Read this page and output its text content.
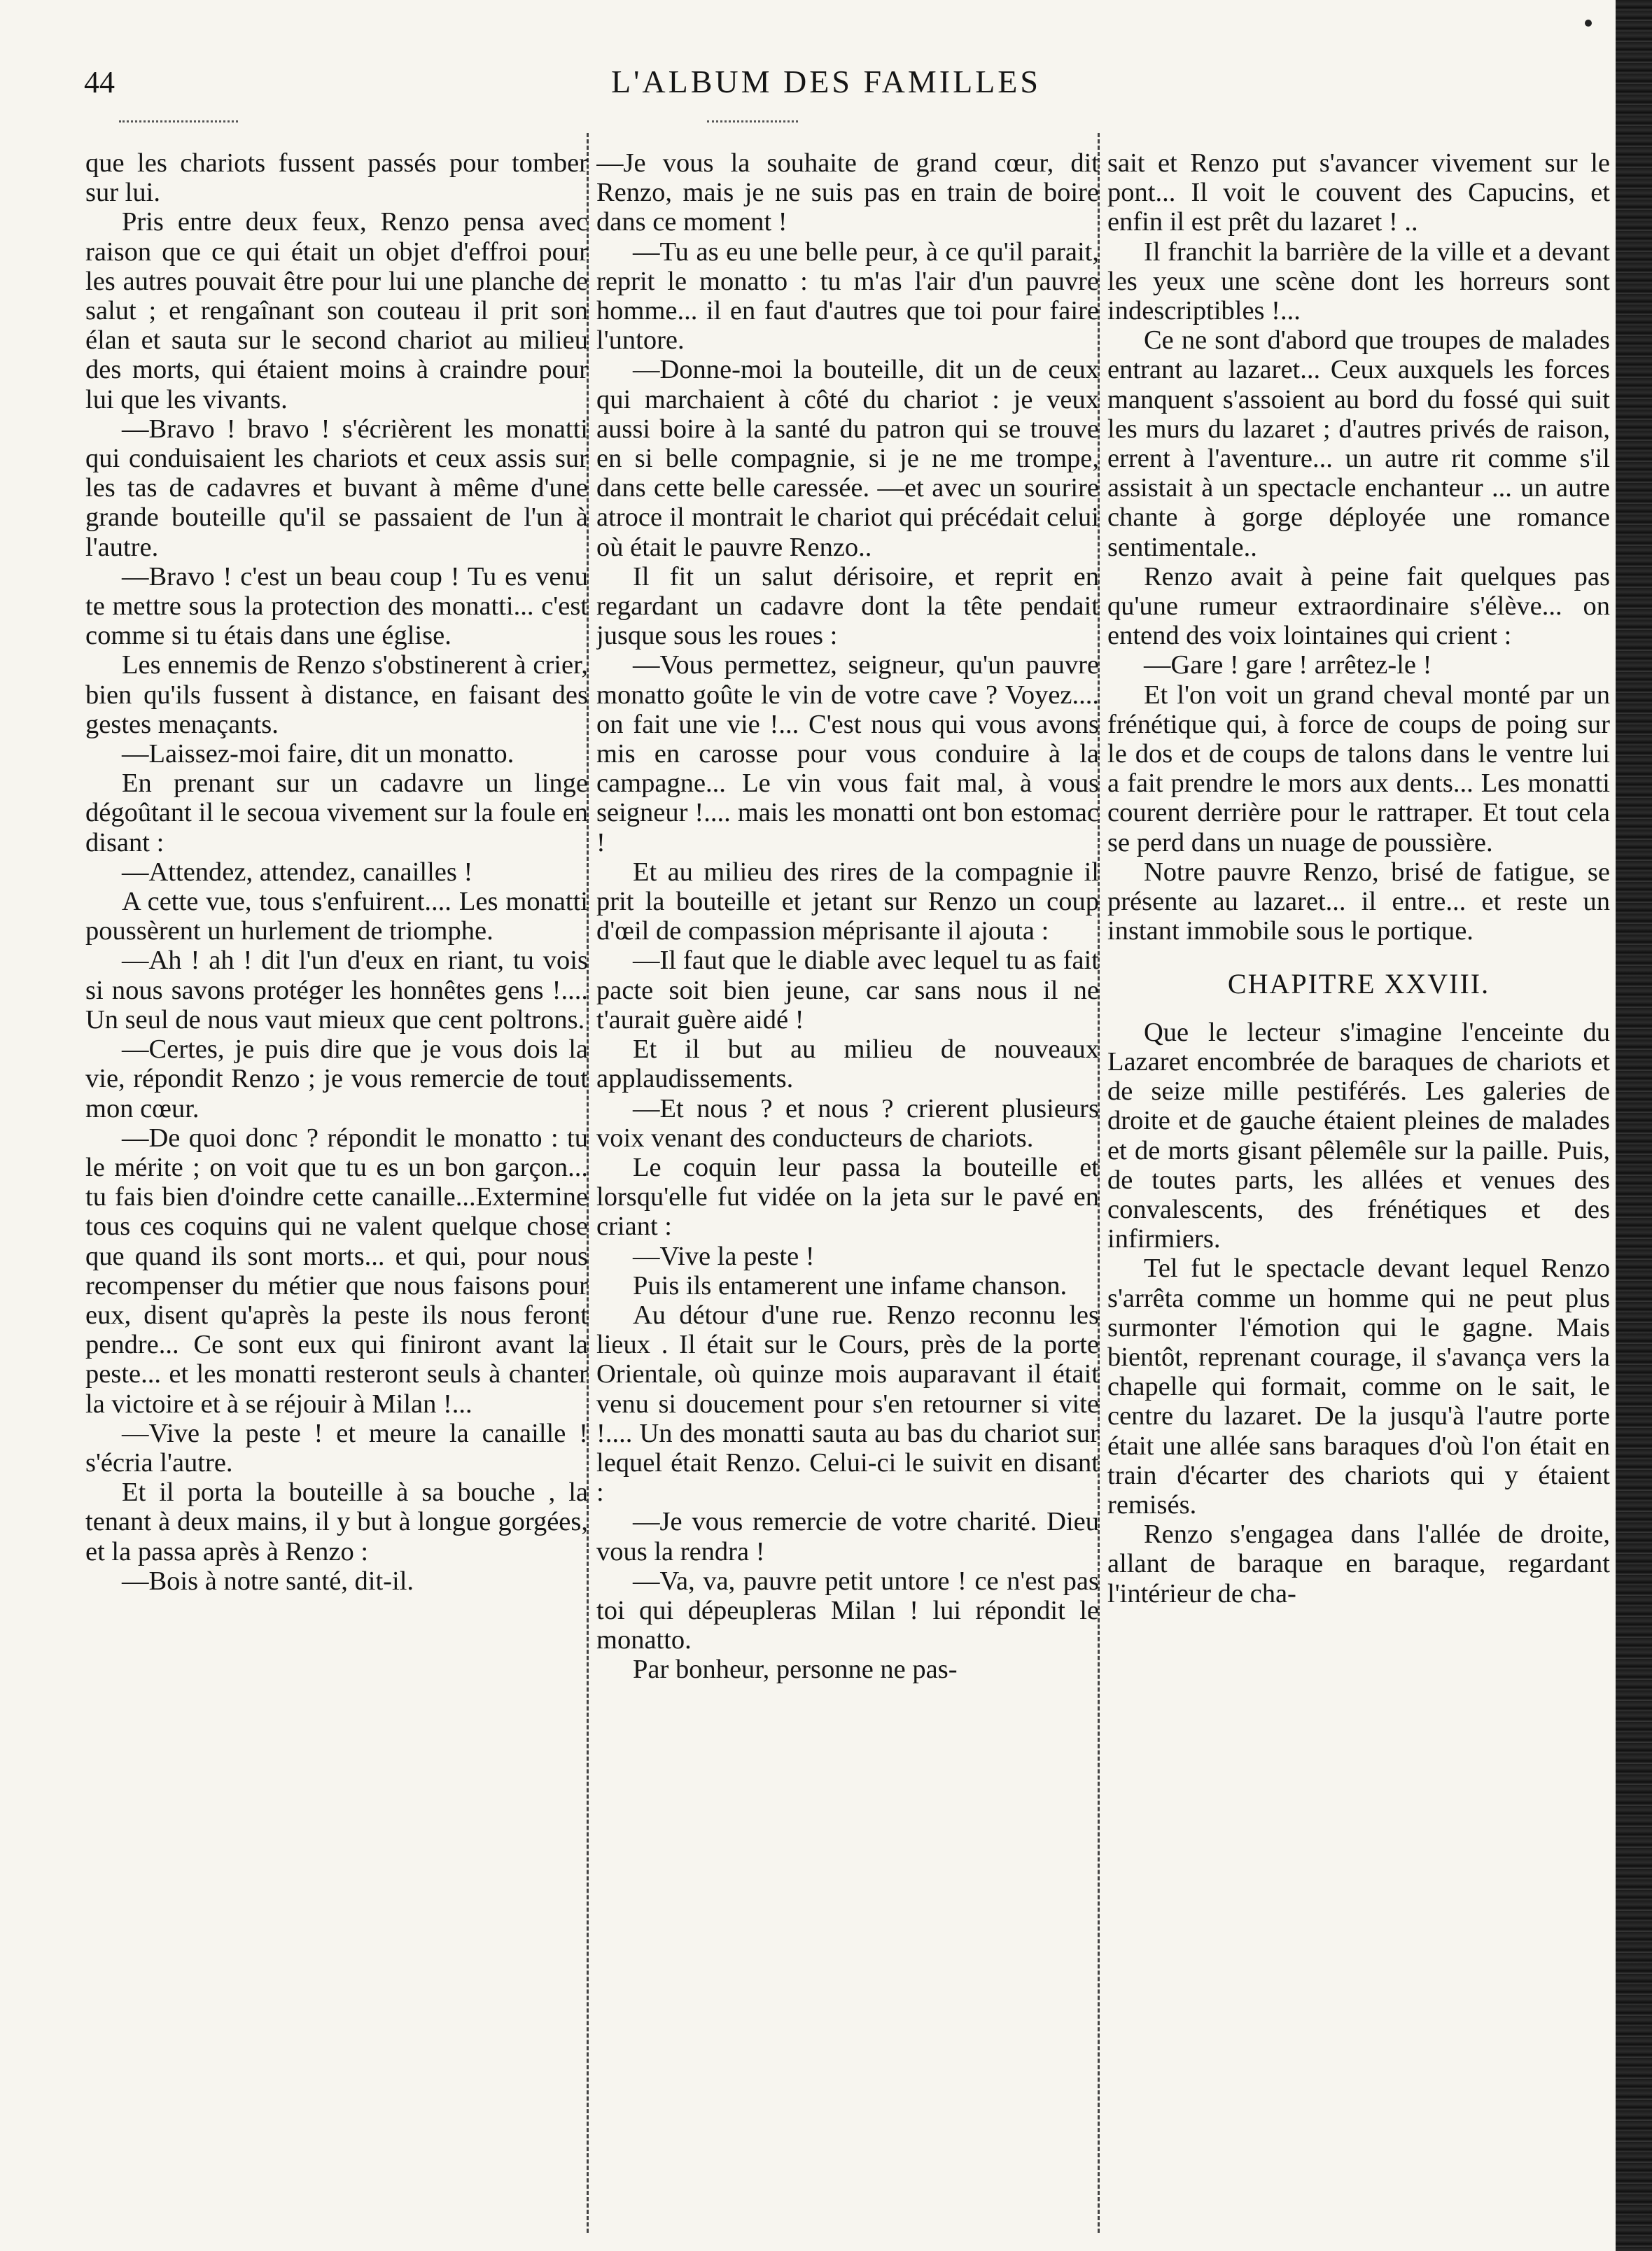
44	L'ALBUM DES FAMILLES

que les chariots fussent passés pour tomber sur lui.

Pris entre deux feux, Renzo pensa avec raison que ce qui était un objet d'effroi pour les autres pouvait être pour lui une planche de salut ; et rengaînant son couteau il prit son élan et sauta sur le second chariot au milieu des morts, qui étaient moins à craindre pour lui que les vivants.

—Bravo ! bravo ! s'écrièrent les monatti qui conduisaient les chariots et ceux assis sur les tas de cadavres et buvant à même d'une grande bouteille qu'il se passaient de l'un à l'autre.

—Bravo ! c'est un beau coup ! Tu es venu te mettre sous la protection des monatti... c'est comme si tu étais dans une église.

Les ennemis de Renzo s'obstinerent à crier, bien qu'ils fussent à distance, en faisant des gestes menaçants.

—Laissez-moi faire, dit un monatto.

En prenant sur un cadavre un linge dégoûtant il le secoua vivement sur la foule en disant :

—Attendez, attendez, canailles !

A cette vue, tous s'enfuirent.... Les monatti poussèrent un hurlement de triomphe.

—Ah ! ah ! dit l'un d'eux en riant, tu vois si nous savons protéger les honnêtes gens !.... Un seul de nous vaut mieux que cent poltrons.

—Certes, je puis dire que je vous dois la vie, répondit Renzo ; je vous remercie de tout mon cœur.

—De quoi donc ? répondit le monatto : tu le mérite ; on voit que tu es un bon garçon... tu fais bien d'oindre cette canaille...Extermine tous ces coquins qui ne valent quelque chose que quand ils sont morts... et qui, pour nous recompenser du métier que nous faisons pour eux, disent qu'après la peste ils nous feront pendre... Ce sont eux qui finiront avant la peste... et les monatti resteront seuls à chanter la victoire et à se réjouir à Milan !...

—Vive la peste ! et meure la canaille ! s'écria l'autre.

Et il porta la bouteille à sa bouche , la tenant à deux mains, il y but à longue gorgées, et la passa après à Renzo :

—Bois à notre santé, dit-il.

—Je vous la souhaite de grand cœur, dit Renzo, mais je ne suis pas en train de boire dans ce moment !

—Tu as eu une belle peur, à ce qu'il parait, reprit le monatto : tu m'as l'air d'un pauvre homme... il en faut d'autres que toi pour faire l'untore.

—Donne-moi la bouteille, dit un de ceux qui marchaient à côté du chariot : je veux aussi boire à la santé du patron qui se trouve en si belle compagnie, si je ne me trompe, dans cette belle caressée. —et avec un sourire atroce il montrait le chariot qui précédait celui où était le pauvre Renzo..

Il fit un salut dérisoire, et reprit en regardant un cadavre dont la tête pendait jusque sous les roues :

—Vous permettez, seigneur, qu'un pauvre monatto goûte le vin de votre cave ? Voyez.... on fait une vie !... C'est nous qui vous avons mis en carosse pour vous conduire à la campagne... Le vin vous fait mal, à vous seigneur !.... mais les monatti ont bon estomac !

Et au milieu des rires de la compagnie il prit la bouteille et jetant sur Renzo un coup d'œil de compassion méprisante il ajouta :

—Il faut que le diable avec lequel tu as fait pacte soit bien jeune, car sans nous il ne t'aurait guère aidé !

Et il but au milieu de nouveaux applaudissements.

—Et nous ? et nous ? crierent plusieurs voix venant des conducteurs de chariots.

Le coquin leur passa la bouteille et lorsqu'elle fut vidée on la jeta sur le pavé en criant :

—Vive la peste !

Puis ils entamerent une infame chanson.

Au détour d'une rue. Renzo reconnu les lieux . Il était sur le Cours, près de la porte Orientale, où quinze mois auparavant il était venu si doucement pour s'en retourner si vite !.... Un des monatti sauta au bas du chariot sur lequel était Renzo. Celui-ci le suivit en disant :

—Je vous remercie de votre charité. Dieu vous la rendra !

—Va, va, pauvre petit untore ! ce n'est pas toi qui dépeupleras Milan ! lui répondit le monatto.

Par bonheur, personne ne pas-

sait et Renzo put s'avancer vivement sur le pont... Il voit le couvent des Capucins, et enfin il est prêt du lazaret ! ..

Il franchit la barrière de la ville et a devant les yeux une scène dont les horreurs sont indescriptibles !...

Ce ne sont d'abord que troupes de malades entrant au lazaret... Ceux auxquels les forces manquent s'assoient au bord du fossé qui suit les murs du lazaret ; d'autres privés de raison, errent à l'aventure... un autre rit comme s'il assistait à un spectacle enchanteur ... un autre chante à gorge déployée une romance sentimentale..

Renzo avait à peine fait quelques pas qu'une rumeur extraordinaire s'élève... on entend des voix lointaines qui crient :

—Gare ! gare ! arrêtez-le !

Et l'on voit un grand cheval monté par un frénétique qui, à force de coups de poing sur le dos et de coups de talons dans le ventre lui a fait prendre le mors aux dents... Les monatti courent derrière pour le rattraper. Et tout cela se perd dans un nuage de poussière.

Notre pauvre Renzo, brisé de fatigue, se présente au lazaret... il entre... et reste un instant immobile sous le portique.

CHAPITRE XXVIII.

Que le lecteur s'imagine l'enceinte du Lazaret encombrée de baraques de chariots et de seize mille pestiférés. Les galeries de droite et de gauche étaient pleines de malades et de morts gisant pêlemêle sur la paille. Puis, de toutes parts, les allées et venues des convalescents, des frénétiques et des infirmiers.

Tel fut le spectacle devant lequel Renzo s'arrêta comme un homme qui ne peut plus surmonter l'émotion qui le gagne. Mais bientôt, reprenant courage, il s'avança vers la chapelle qui formait, comme on le sait, le centre du lazaret. De la jusqu'à l'autre porte était une allée sans baraques d'où l'on était en train d'écarter des chariots qui y étaient remisés.

Renzo s'engagea dans l'allée de droite, allant de baraque en baraque, regardant l'intérieur de cha-
